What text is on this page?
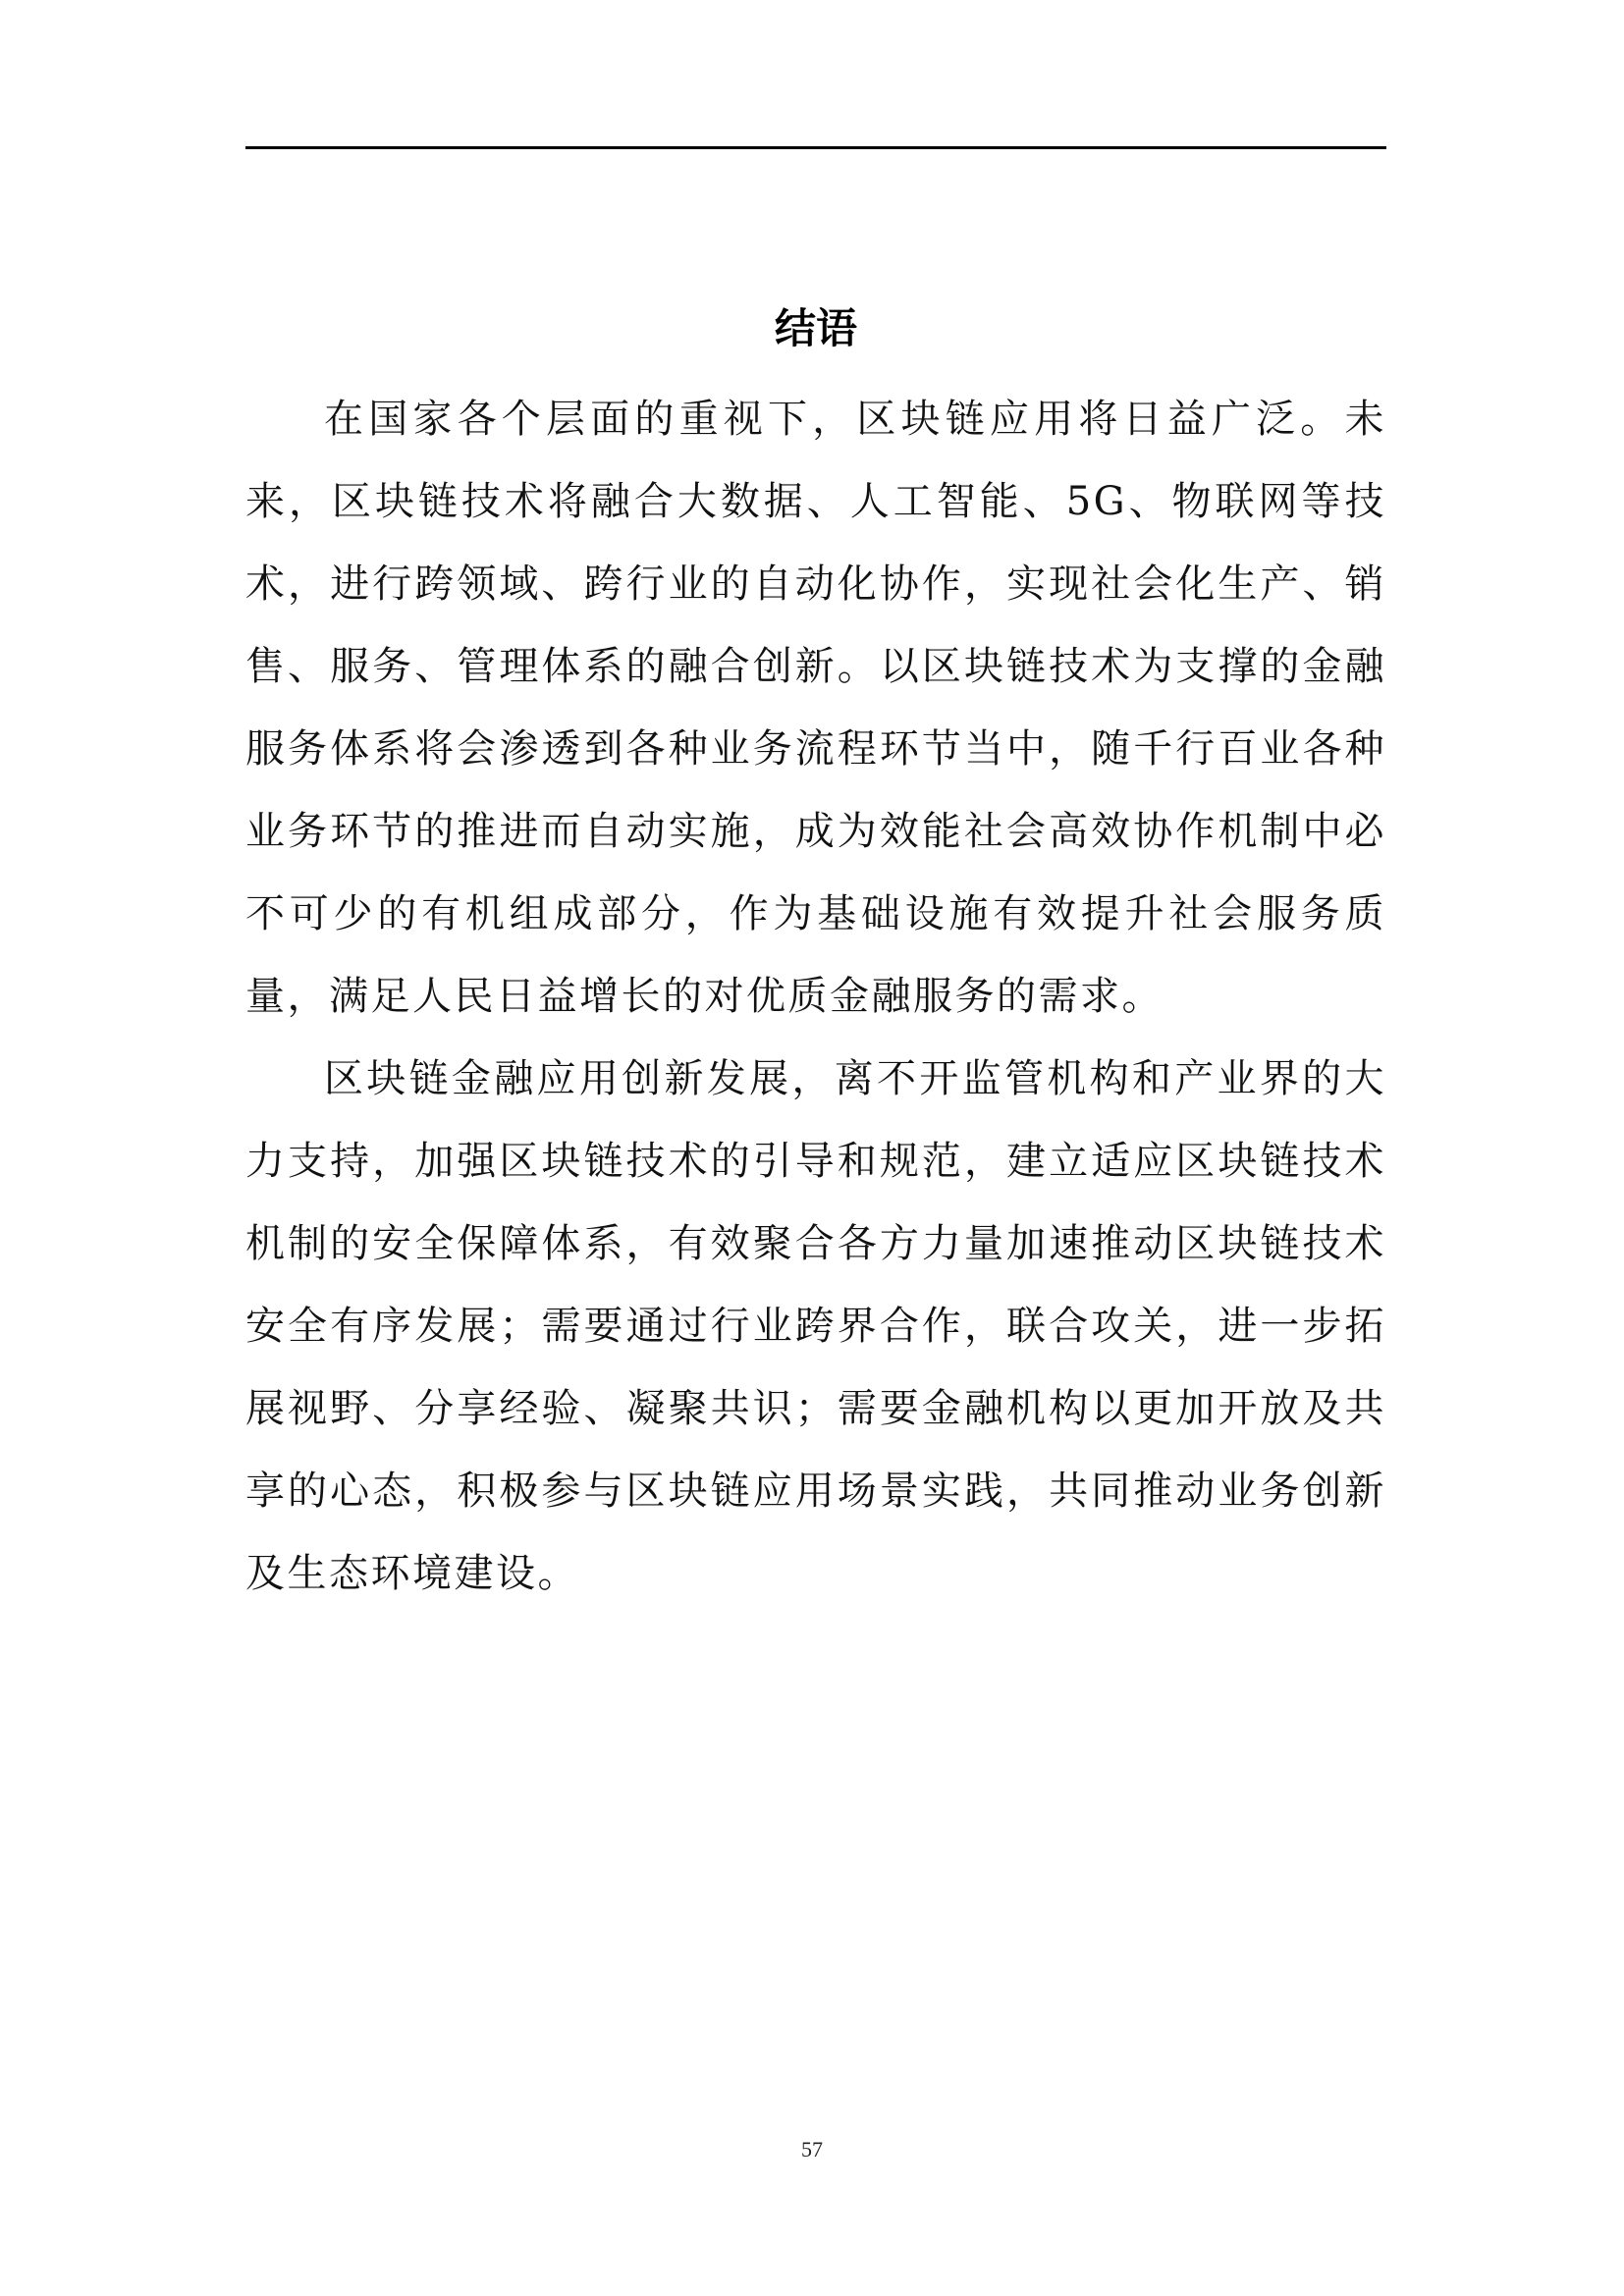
结语

在国家各个层面的重视下，区块链应用将日益广泛。未来，区块链技术将融合大数据、人工智能、5G、物联网等技术，进行跨领域、跨行业的自动化协作，实现社会化生产、销售、服务、管理体系的融合创新。以区块链技术为支撑的金融服务体系将会渗透到各种业务流程环节当中，随千行百业各种业务环节的推进而自动实施，成为效能社会高效协作机制中必不可少的有机组成部分，作为基础设施有效提升社会服务质量，满足人民日益增长的对优质金融服务的需求。

区块链金融应用创新发展，离不开监管机构和产业界的大力支持，加强区块链技术的引导和规范，建立适应区块链技术机制的安全保障体系，有效聚合各方力量加速推动区块链技术安全有序发展；需要通过行业跨界合作，联合攻关，进一步拓展视野、分享经验、凝聚共识；需要金融机构以更加开放及共享的心态，积极参与区块链应用场景实践，共同推动业务创新及生态环境建设。

57
